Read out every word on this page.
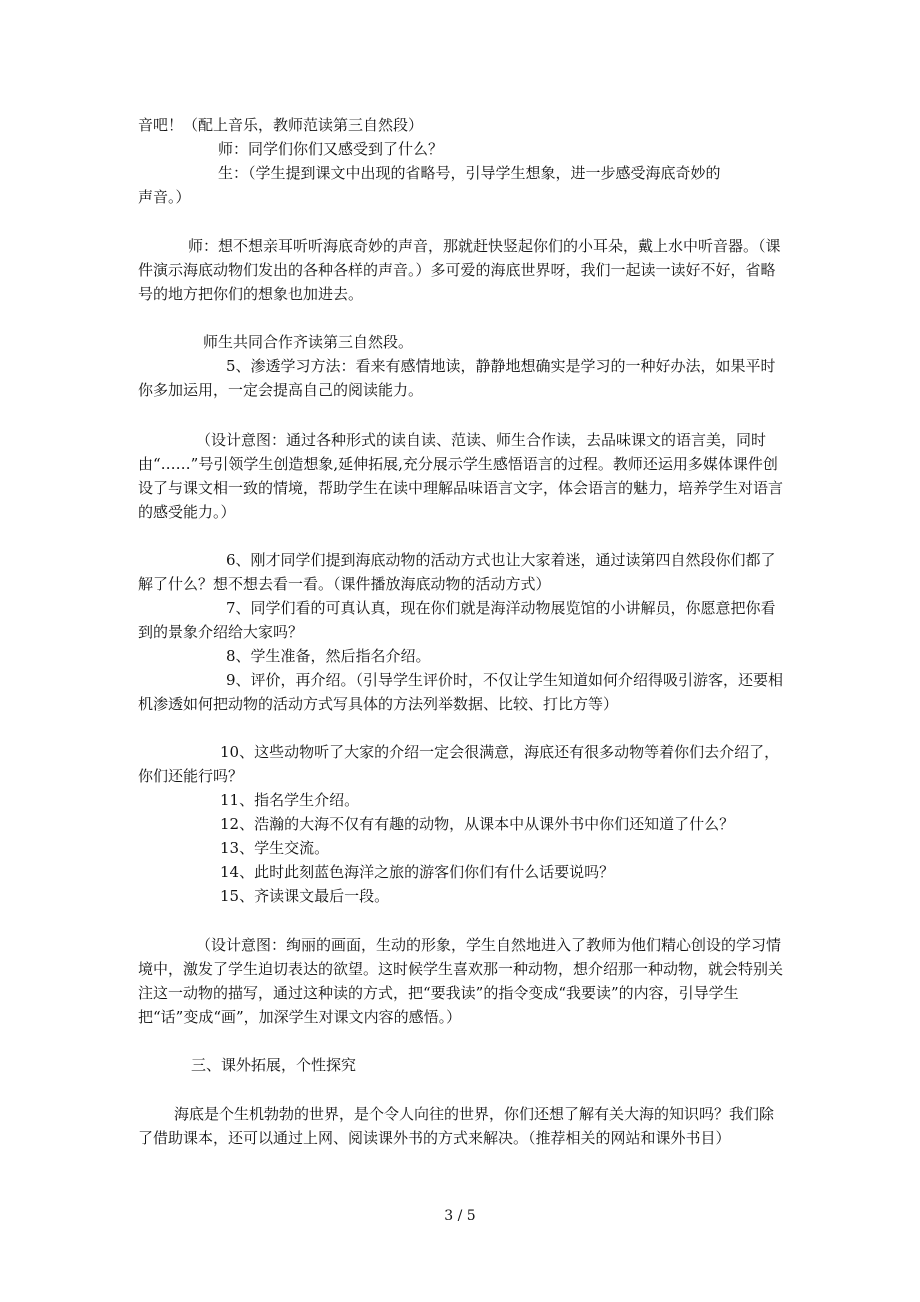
音吧！（配上音乐，教师范读第三自然段）

师：同学们你们又感受到了什么？

生：（学生提到课文中出现的省略号，引导学生想象，进一步感受海底奇妙的

声音。）

师：想不想亲耳听听海底奇妙的声音，那就赶快竖起你们的小耳朵，戴上水中听音器。（课件演示海底动物们发出的各种各样的声音。）多可爱的海底世界呀，我们一起读一读好不好，省略号的地方把你们的想象也加进去。

师生共同合作齐读第三自然段。

5、渗透学习方法：看来有感情地读，静静地想确实是学习的一种好办法，如果平时你多加运用，一定会提高自己的阅读能力。

（设计意图：通过各种形式的读自读、范读、师生合作读，去品味课文的语言美，同时由“……”号引领学生创造想象,延伸拓展,充分展示学生感悟语言的过程。教师还运用多媒体课件创设了与课文相一致的情境，帮助学生在读中理解品味语言文字，体会语言的魅力，培养学生对语言的感受能力。）

6、刚才同学们提到海底动物的活动方式也让大家着迷，通过读第四自然段你们都了解了什么？想不想去看一看。（课件播放海底动物的活动方式）

7、同学们看的可真认真，现在你们就是海洋动物展览馆的小讲解员，你愿意把你看到的景象介绍给大家吗？

8、学生准备，然后指名介绍。

9、评价，再介绍。（引导学生评价时，不仅让学生知道如何介绍得吸引游客，还要相机渗透如何把动物的活动方式写具体的方法列举数据、比较、打比方等）

10、这些动物听了大家的介绍一定会很满意，海底还有很多动物等着你们去介绍了，你们还能行吗？

11、指名学生介绍。

12、浩瀚的大海不仅有有趣的动物，从课本中从课外书中你们还知道了什么？

13、学生交流。

14、此时此刻蓝色海洋之旅的游客们你们有什么话要说吗？

15、齐读课文最后一段。

（设计意图：绚丽的画面，生动的形象，学生自然地进入了教师为他们精心创设的学习情境中，激发了学生迫切表达的欲望。这时候学生喜欢那一种动物，想介绍那一种动物，就会特别关注这一动物的描写，通过这种读的方式，把“要我读”的指令变成“我要读”的内容，引导学生把“话”变成“画”，加深学生对课文内容的感悟。）

三、课外拓展，个性探究

海底是个生机勃勃的世界，是个令人向往的世界，你们还想了解有关大海的知识吗？我们除了借助课本，还可以通过上网、阅读课外书的方式来解决。（推荐相关的网站和课外书目）

3 / 5
